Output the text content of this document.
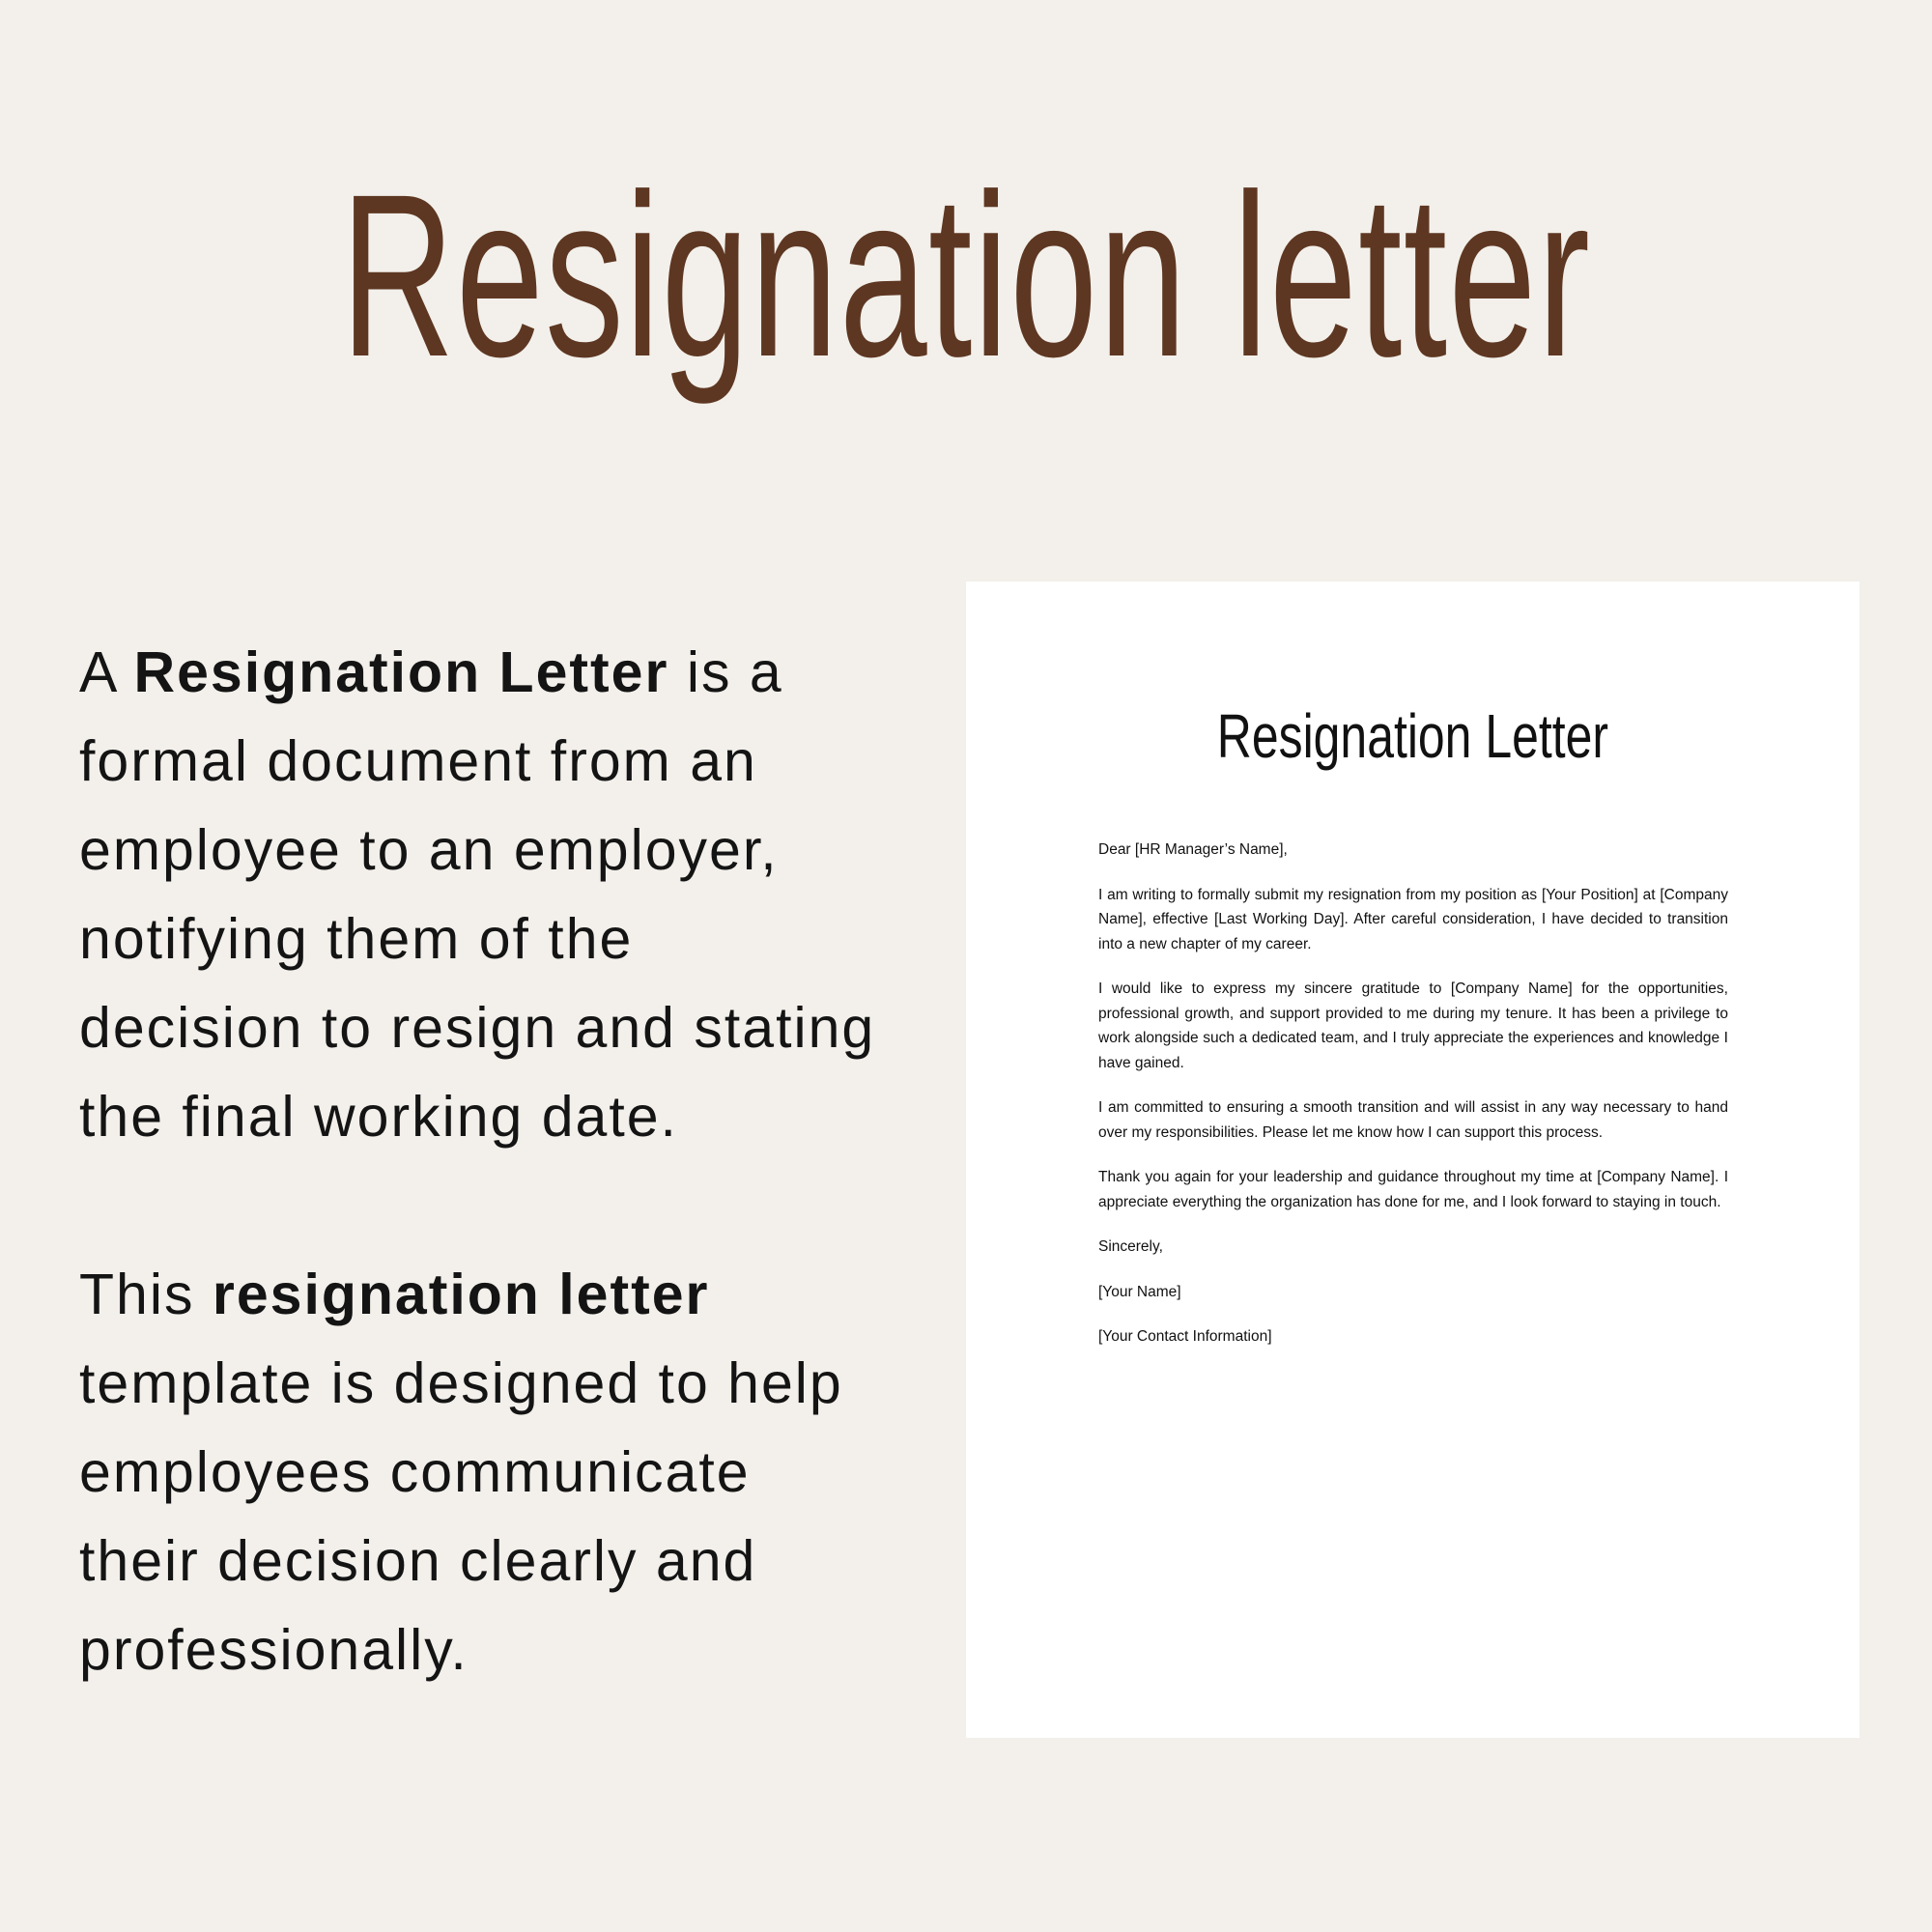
Resignation letter

A Resignation Letter is a
formal document from an
employee to an employer,
notifying them of the
decision to resign and stating
the final working date.

This resignation letter
template is designed to help
employees communicate
their decision clearly and
professionally.

Resignation Letter

Dear [HR Manager’s Name],

I am writing to formally submit my resignation from my position as [Your Position] at [Company Name], effective [Last Working Day]. After careful consideration, I have decided to transition into a new chapter of my career.

I would like to express my sincere gratitude to [Company Name] for the opportunities, professional growth, and support provided to me during my tenure. It has been a privilege to work alongside such a dedicated team, and I truly appreciate the experiences and knowledge I have gained.

I am committed to ensuring a smooth transition and will assist in any way necessary to hand over my responsibilities. Please let me know how I can support this process.

Thank you again for your leadership and guidance throughout my time at [Company Name]. I appreciate everything the organization has done for me, and I look forward to staying in touch.

Sincerely,

[Your Name]

[Your Contact Information]
